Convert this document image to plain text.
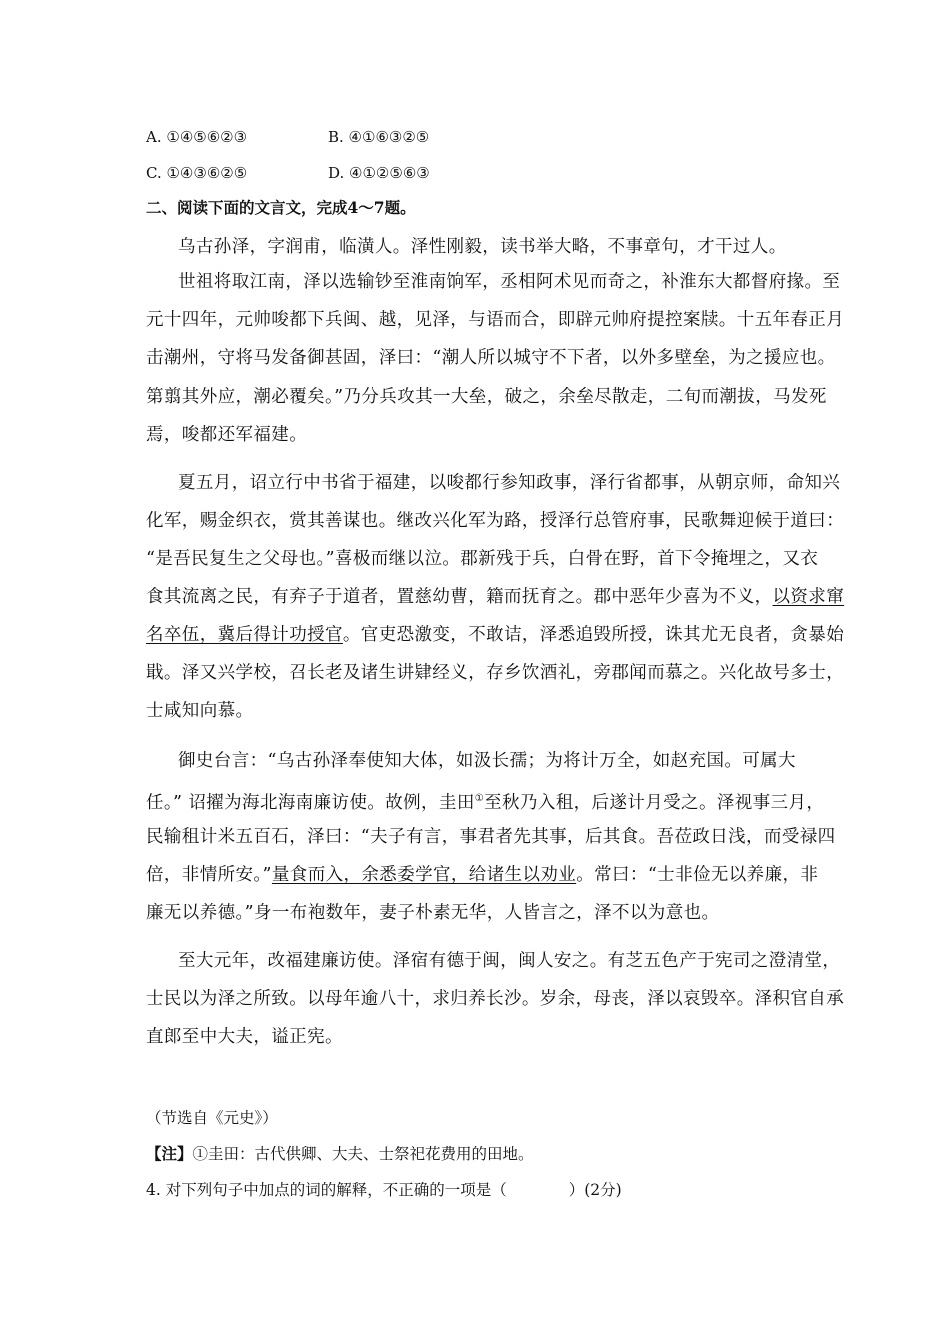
A. ①④⑤⑥②③	B. ④①⑥③②⑤
C. ①④③⑥②⑤	D. ④①②⑤⑥③
二、阅读下面的文言文，完成4～7题。
乌古孙泽，字润甫，临潢人。泽性刚毅，读书举大略，不事章句，才干过人。
世祖将取江南，泽以选输钞至淮南饷军，丞相阿术见而奇之，补淮东大都督府掾。至
元十四年，元帅唆都下兵闽、越，见泽，与语而合，即辟元帅府提控案牍。十五年春正月
击潮州，守将马发备御甚固，泽曰：“潮人所以城守不下者，以外多壁垒，为之援应也。
第翦其外应，潮必覆矣。”乃分兵攻其一大垒，破之，余垒尽散走，二旬而潮拔，马发死
焉，唆都还军福建。
夏五月，诏立行中书省于福建，以唆都行参知政事，泽行省都事，从朝京师，命知兴
化军，赐金织衣，赏其善谋也。继改兴化军为路，授泽行总管府事，民歌舞迎候于道曰：
“是吾民复生之父母也。”喜极而继以泣。郡新残于兵，白骨在野，首下令掩埋之，又衣
食其流离之民，有弃子于道者，置慈幼曹，籍而抚育之。郡中恶年少喜为不义，以资求窜
名卒伍，冀后得计功授官。官吏恐激变，不敢诘，泽悉追毁所授，诛其尤无良者，贪暴始
戢。泽又兴学校，召长老及诸生讲肄经义，存乡饮酒礼，旁郡闻而慕之。兴化故号多士，
士咸知向慕。
御史台言：“乌古孙泽奉使知大体，如汲长孺；为将计万全，如赵充国。可属大
任。” 诏擢为海北海南廉访使。故例，圭田①至秋乃入租，后遂计月受之。泽视事三月，
民输租计米五百石，泽曰：“夫子有言，事君者先其事，后其食。吾莅政日浅，而受禄四
倍，非情所安。”量食而入，余悉委学官，给诸生以劝业。常曰：“士非俭无以养廉，非
廉无以养德。”身一布袍数年，妻子朴素无华，人皆言之，泽不以为意也。
至大元年，改福建廉访使。泽宿有德于闽，闽人安之。有芝五色产于宪司之澄清堂，
士民以为泽之所致。以母年逾八十，求归养长沙。岁余，母丧，泽以哀毁卒。泽积官自承
直郎至中大夫，谥正宪。
（节选自《元史》）
【注】①圭田：古代供卿、大夫、士祭祀花费用的田地。
4. 对下列句子中加点的词的解释，不正确的一项是（　　　　）(2分)
